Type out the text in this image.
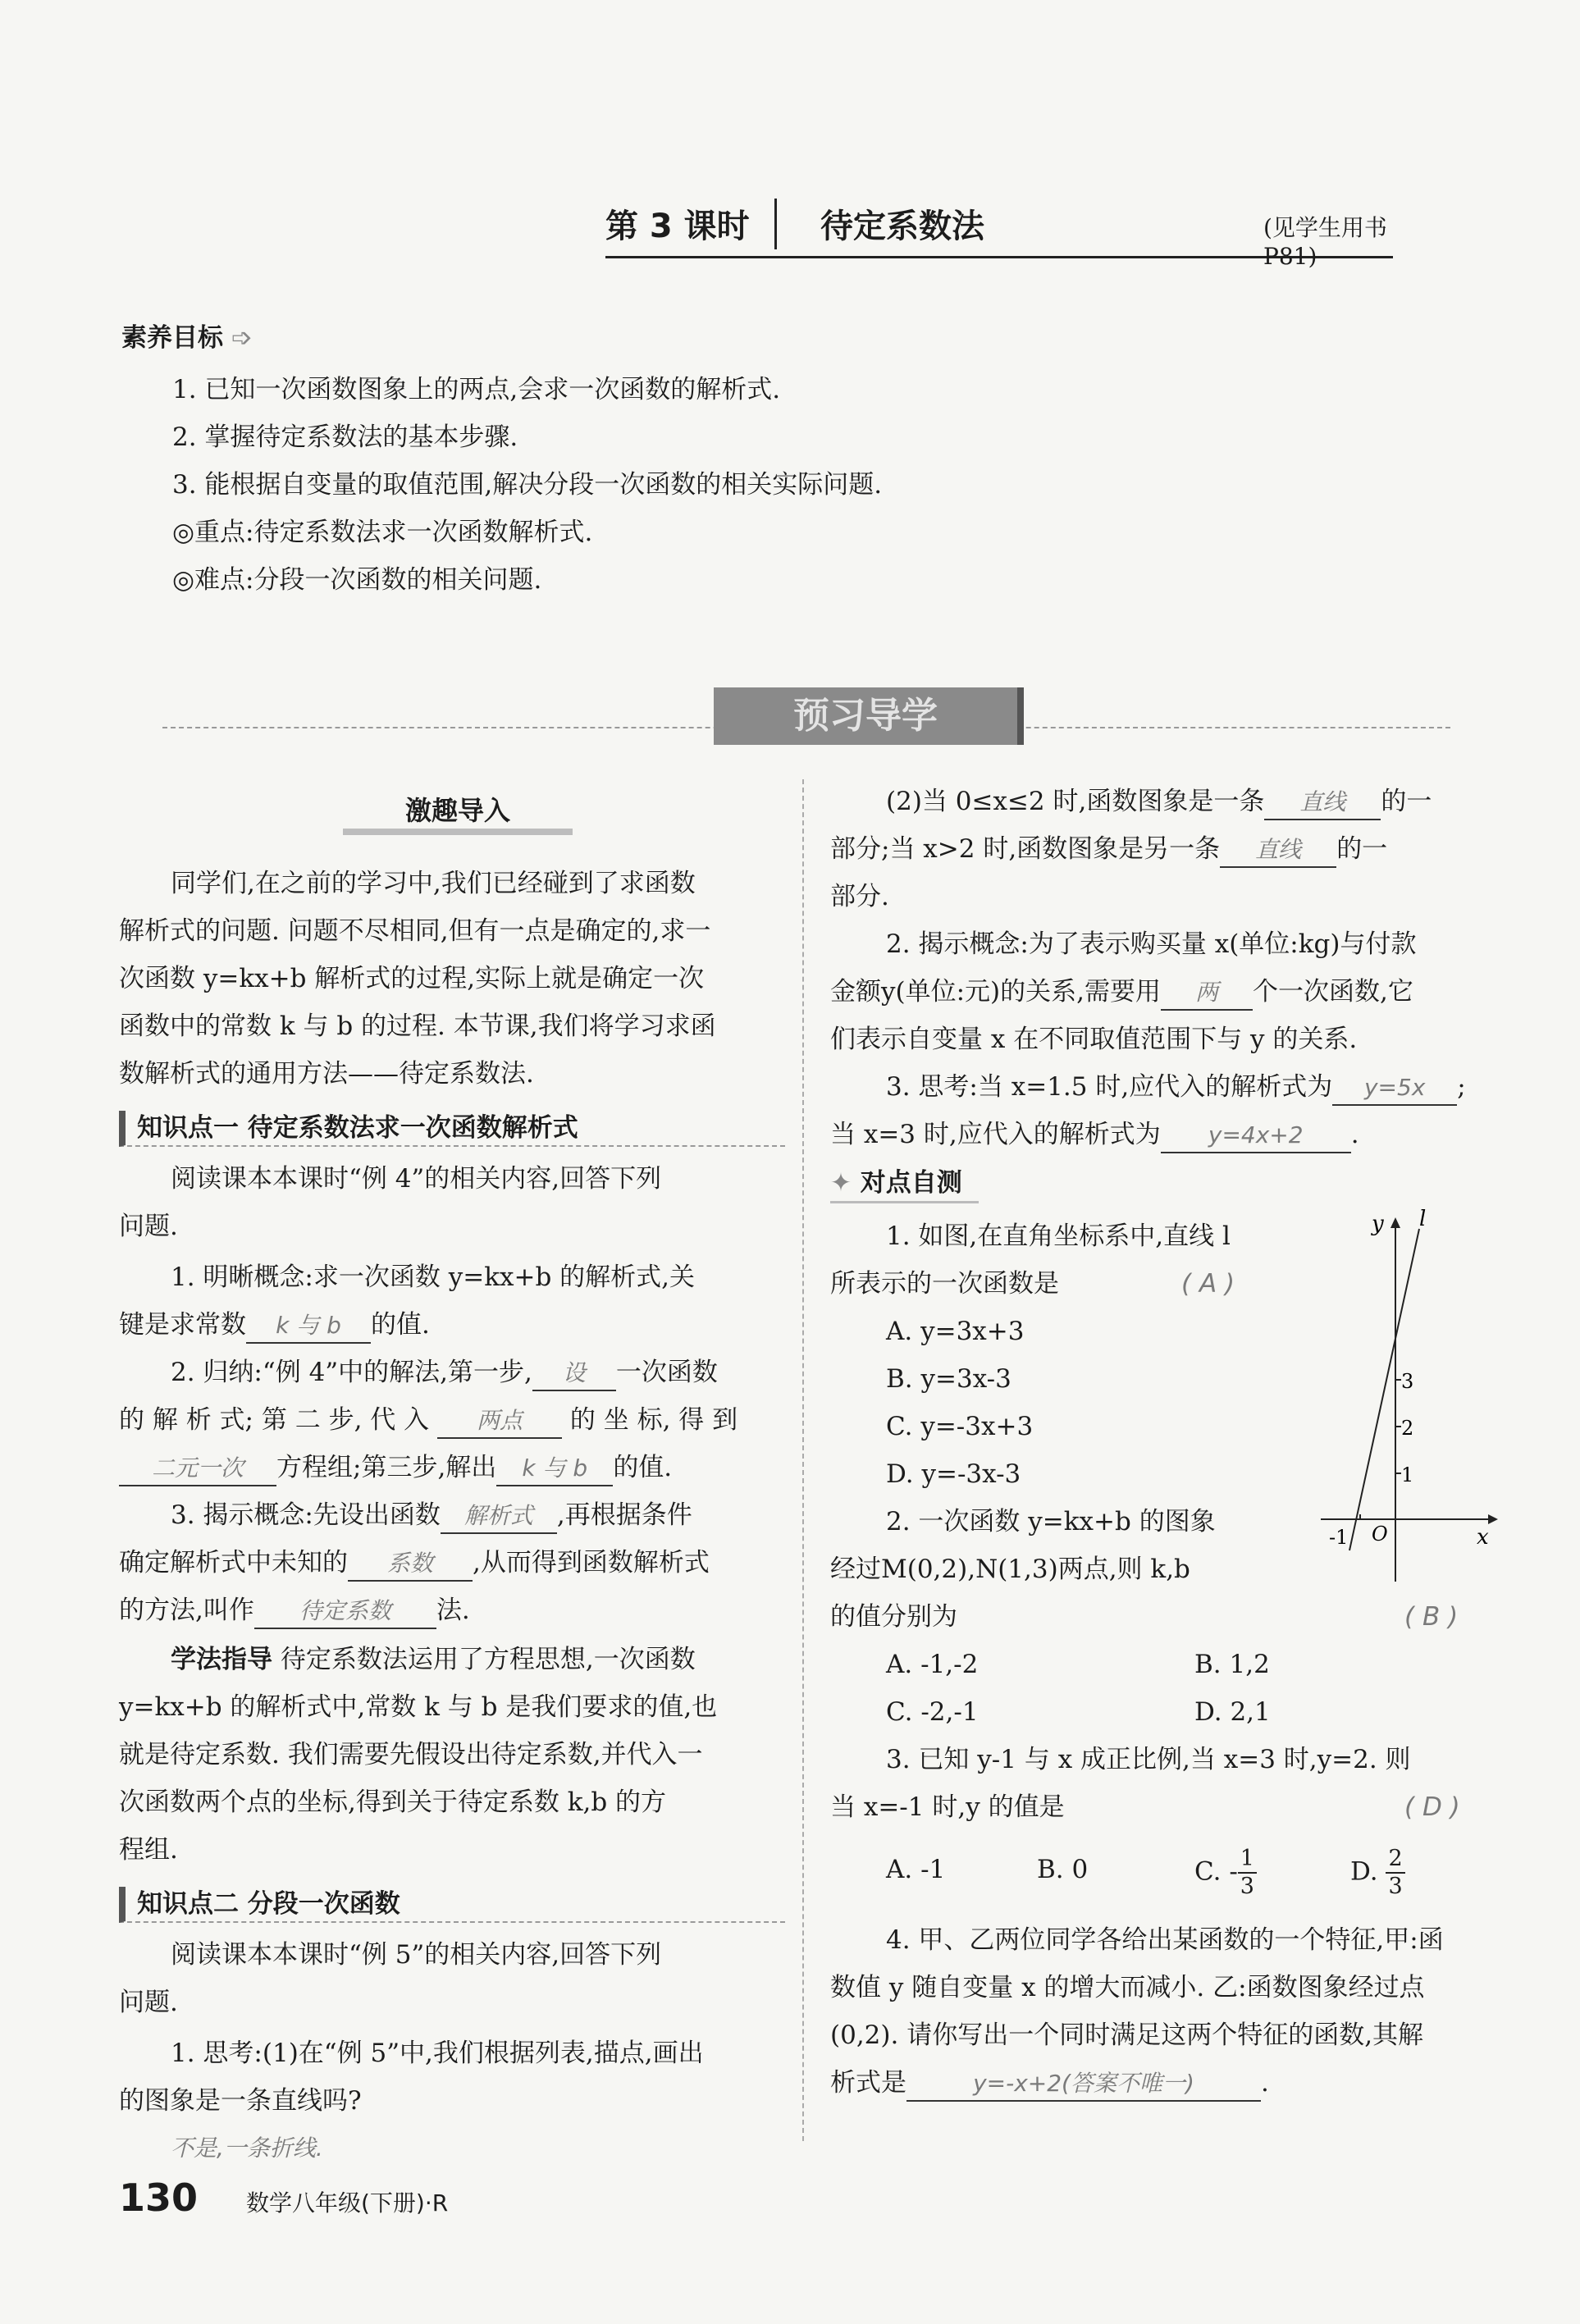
第 3 课时 待定系数法	(见学生用书 P81)
素养目标 ➩
1. 已知一次函数图象上的两点,会求一次函数的解析式.
2. 掌握待定系数法的基本步骤.
3. 能根据自变量的取值范围,解决分段一次函数的相关实际问题.
◎重点:待定系数法求一次函数解析式.
◎难点:分段一次函数的相关问题.
预习导学
激趣导入
同学们,在之前的学习中,我们已经碰到了求函数
解析式的问题. 问题不尽相同,但有一点是确定的,求一
次函数 y=kx+b 解析式的过程,实际上就是确定一次
函数中的常数 k 与 b 的过程. 本节课,我们将学习求函
数解析式的通用方法——待定系数法.
知识点一 待定系数法求一次函数解析式
阅读课本本课时“例 4”的相关内容,回答下列
问题.
1. 明晰概念:求一次函数 y=kx+b 的解析式,关
键是求常数 k 与 b 的值.
2. 归纳:“例 4”中的解法,第一步, 设 一次函数
的 解 析 式; 第 二 步, 代 入 两点 的 坐 标, 得 到
二元一次 方程组;第三步,解出 k 与 b 的值.
3. 揭示概念:先设出函数 解析式 ,再根据条件
确定解析式中未知的 系数 ,从而得到函数解析式
的方法,叫作 待定系数 法.
学法指导 待定系数法运用了方程思想,一次函数
y=kx+b 的解析式中,常数 k 与 b 是我们要求的值,也
就是待定系数. 我们需要先假设出待定系数,并代入一
次函数两个点的坐标,得到关于待定系数 k,b 的方
程组.
知识点二 分段一次函数
阅读课本本课时“例 5”的相关内容,回答下列
问题.
1. 思考:(1)在“例 5”中,我们根据列表,描点,画出
的图象是一条直线吗?
不是,一条折线.
(2)当 0≤x≤2 时,函数图象是一条 直线 的一
部分;当 x>2 时,函数图象是另一条 直线 的一
部分.
2. 揭示概念:为了表示购买量 x(单位:kg)与付款
金额y(单位:元)的关系,需要用 两 个一次函数,它
们表示自变量 x 在不同取值范围下与 y 的关系.
3. 思考:当 x=1.5 时,应代入的解析式为 y=5x ;
当 x=3 时,应代入的解析式为 y=4x+2 .
✦ 对点自测
1. 如图,在直角坐标系中,直线 l
所表示的一次函数是	( A )
A. y=3x+3
B. y=3x-3
C. y=-3x+3
D. y=-3x-3
y l
3
2
1
-1 O	x
2. 一次函数 y=kx+b 的图象
经过M(0,2),N(1,3)两点,则 k,b
的值分别为	( B )
A. -1,-2	B. 1,2
C. -2,-1	D. 2,1
3. 已知 y-1 与 x 成正比例,当 x=3 时,y=2. 则
当 x=-1 时,y 的值是	( D )
A. -1	B. 0	C. - $\frac{1}{3}$	D. $\frac{2}{3}$
4. 甲、乙两位同学各给出某函数的一个特征,甲:函
数值 y 随自变量 x 的增大而减小. 乙:函数图象经过点
(0,2). 请你写出一个同时满足这两个特征的函数,其解
析式是	y=-x+2(答案不唯一)	.
130 数学八年级(下册)·R
